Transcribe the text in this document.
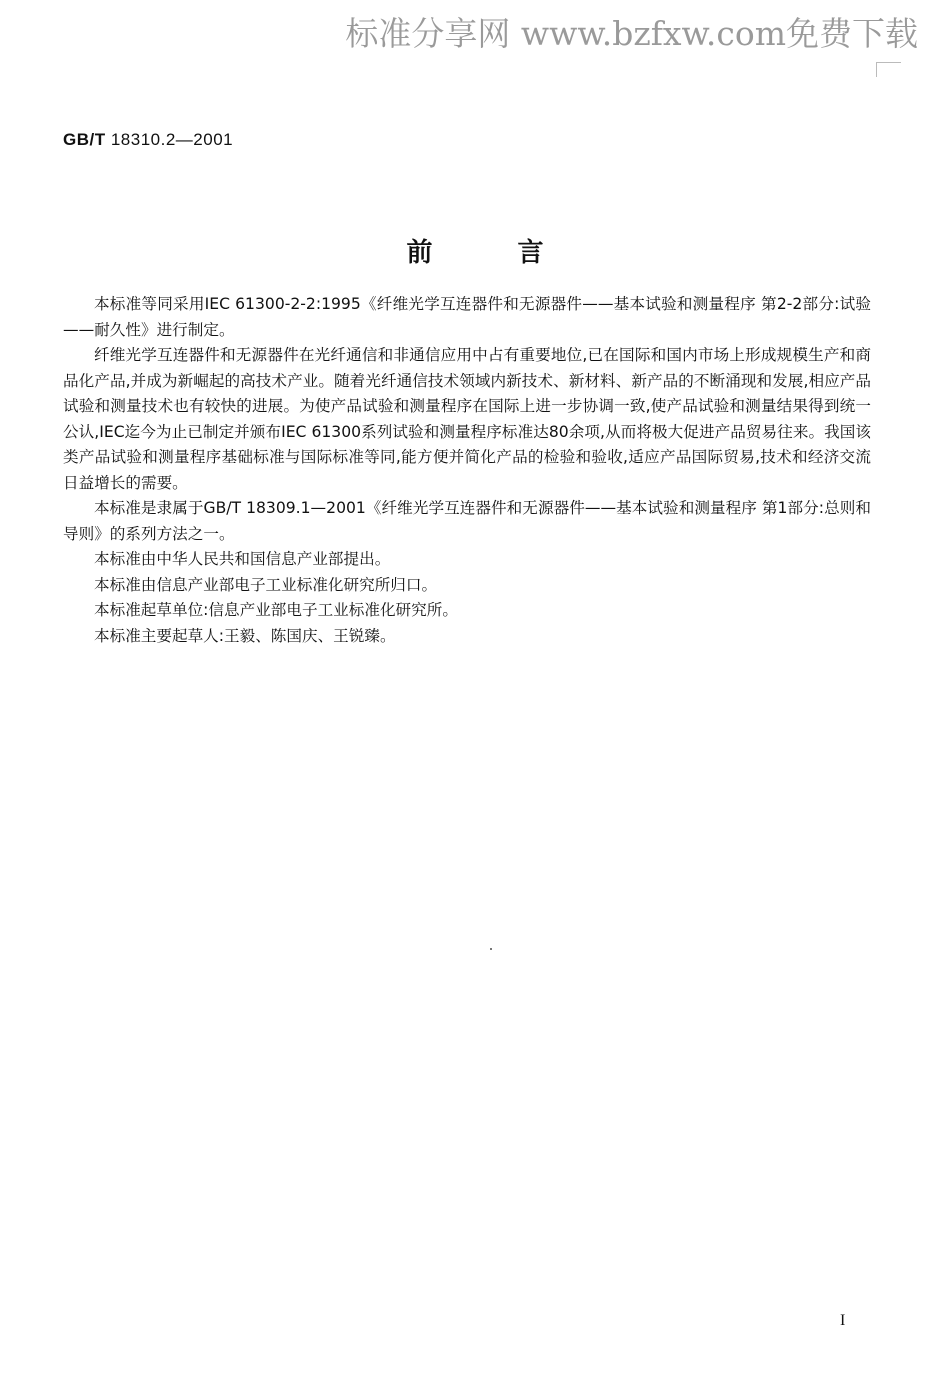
标准分享网 www.bzfxw.com免费下载
GB/T 18310.2—2001
前言

本标准等同采用IEC 61300-2-2:1995《纤维光学互连器件和无源器件——基本试验和测量程序 第2-2部分:试验——耐久性》进行制定。

纤维光学互连器件和无源器件在光纤通信和非通信应用中占有重要地位,已在国际和国内市场上形成规模生产和商品化产品,并成为新崛起的高技术产业。随着光纤通信技术领域内新技术、新材料、新产品的不断涌现和发展,相应产品试验和测量技术也有较快的进展。为使产品试验和测量程序在国际上进一步协调一致,使产品试验和测量结果得到统一公认,IEC迄今为止已制定并颁布IEC 61300系列试验和测量程序标准达80余项,从而将极大促进产品贸易往来。我国该类产品试验和测量程序基础标准与国际标准等同,能方便并简化产品的检验和验收,适应产品国际贸易,技术和经济交流日益增长的需要。

本标准是隶属于GB/T 18309.1—2001《纤维光学互连器件和无源器件——基本试验和测量程序 第1部分:总则和导则》的系列方法之一。

本标准由中华人民共和国信息产业部提出。

本标准由信息产业部电子工业标准化研究所归口。

本标准起草单位:信息产业部电子工业标准化研究所。

本标准主要起草人:王毅、陈国庆、王锐臻。

I
